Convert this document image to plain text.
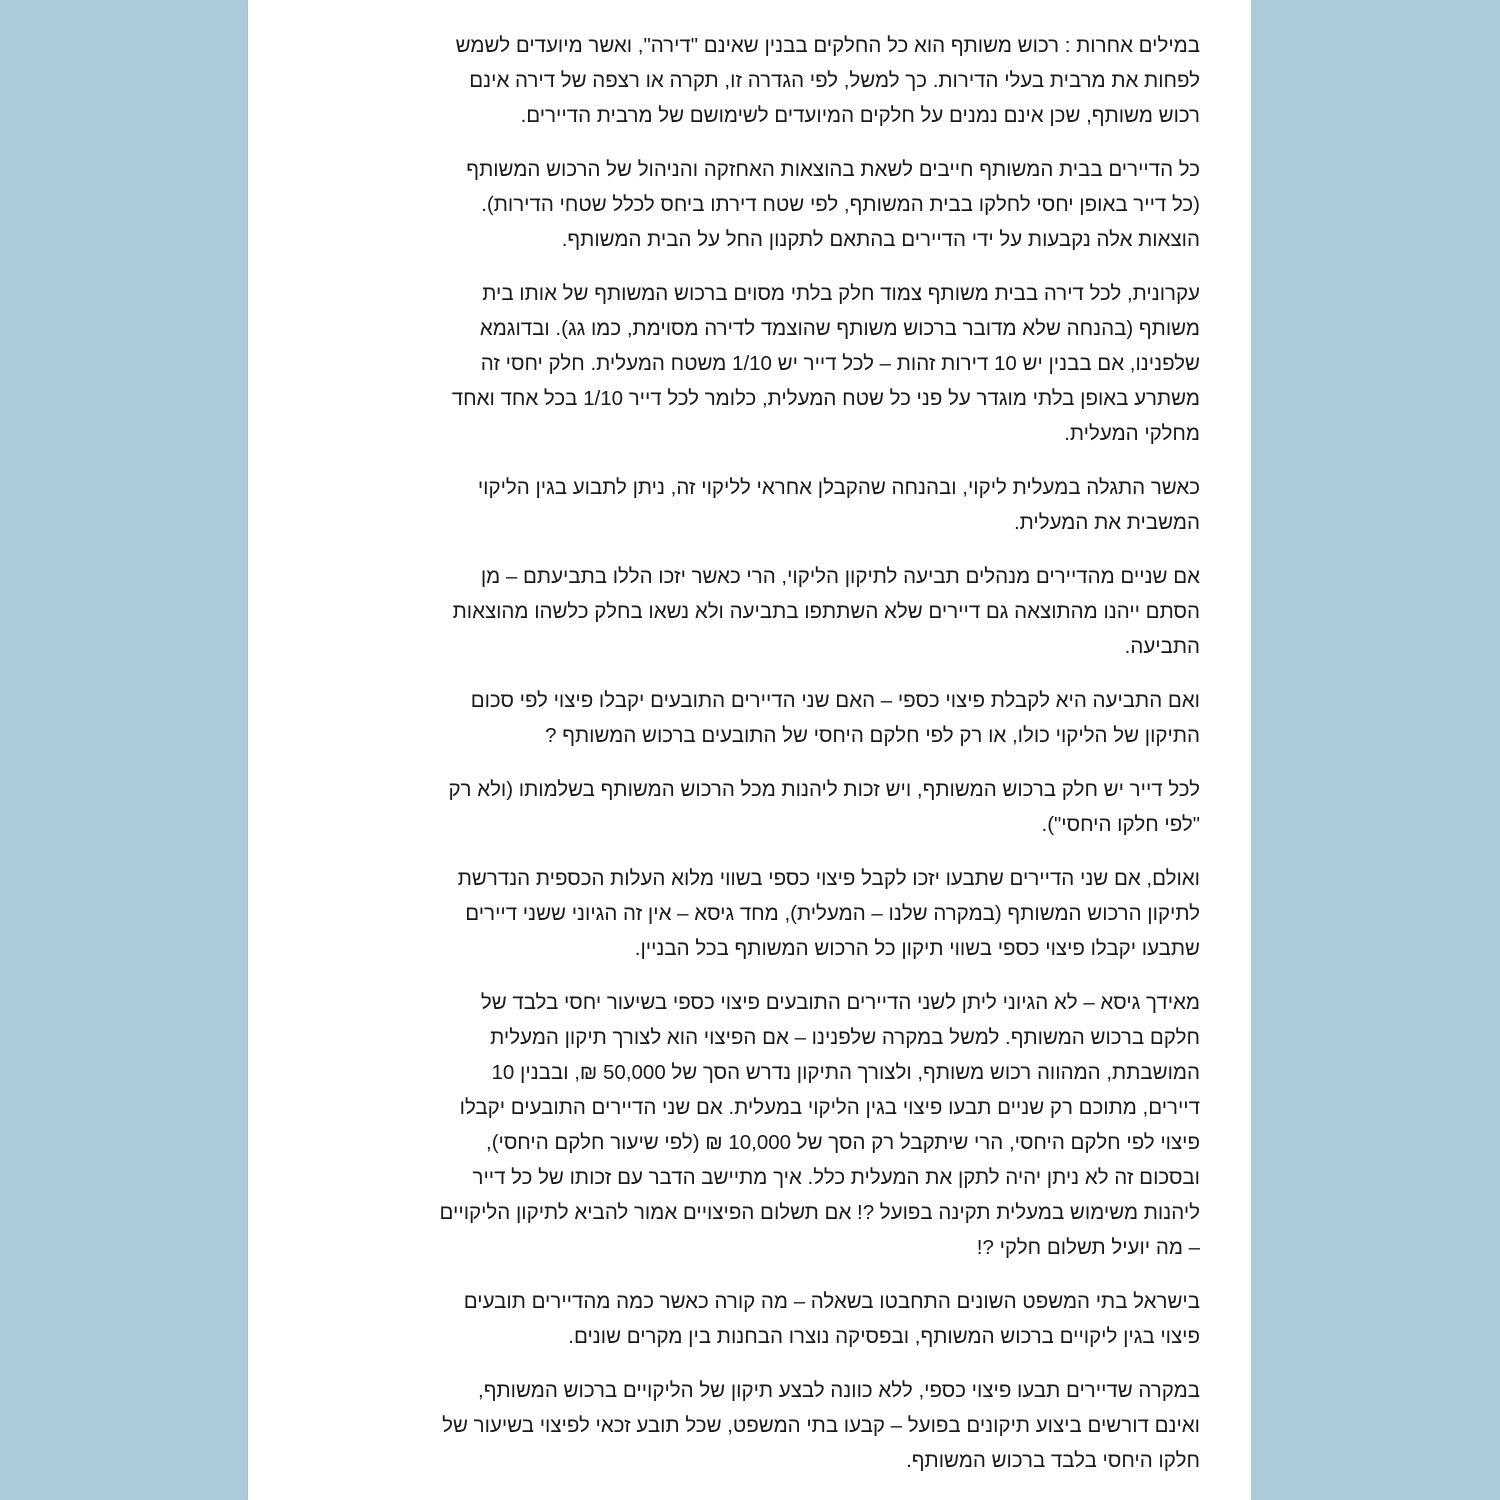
במילים אחרות : רכוש משותף הוא כל החלקים בבנין שאינם "דירה", ואשר מיועדים לשמש
לפחות את מרבית בעלי הדירות. כך למשל, לפי הגדרה זו, תקרה או רצפה של דירה אינם
רכוש משותף, שכן אינם נמנים על חלקים המיועדים לשימושם של מרבית הדיירים.

כל הדיירים בבית המשותף חייבים לשאת בהוצאות האחזקה והניהול של הרכוש המשותף
(כל דייר באופן יחסי לחלקו בבית המשותף, לפי שטח דירתו ביחס לכלל שטחי הדירות).
הוצאות אלה נקבעות על ידי הדיירים בהתאם לתקנון החל על הבית המשותף.

עקרונית, לכל דירה בבית משותף צמוד חלק בלתי מסוים ברכוש המשותף של אותו בית
משותף (בהנחה שלא מדובר ברכוש משותף שהוצמד לדירה מסוימת, כמו גג). ובדוגמא
שלפנינו, אם בבנין יש 10 דירות זהות – לכל דייר יש 1/10 משטח המעלית. חלק יחסי זה
משתרע באופן בלתי מוגדר על פני כל שטח המעלית, כלומר לכל דייר 1/10 בכל אחד ואחד
מחלקי המעלית.

כאשר התגלה במעלית ליקוי, ובהנחה שהקבלן אחראי לליקוי זה, ניתן לתבוע בגין הליקוי
המשבית את המעלית.

אם שניים מהדיירים מנהלים תביעה לתיקון הליקוי, הרי כאשר יזכו הללו בתביעתם – מן
הסתם ייהנו מהתוצאה גם דיירים שלא השתתפו בתביעה ולא נשאו בחלק כלשהו מהוצאות
התביעה.

ואם התביעה היא לקבלת פיצוי כספי – האם שני הדיירים התובעים יקבלו פיצוי לפי סכום
התיקון של הליקוי כולו, או רק לפי חלקם היחסי של התובעים ברכוש המשותף ?

לכל דייר יש חלק ברכוש המשותף, ויש זכות ליהנות מכל הרכוש המשותף בשלמותו (ולא רק
"לפי חלקו היחסי").

ואולם, אם שני הדיירים שתבעו יזכו לקבל פיצוי כספי בשווי מלוא העלות הכספית הנדרשת
לתיקון הרכוש המשותף (במקרה שלנו – המעלית), מחד גיסא – אין זה הגיוני ששני דיירים
שתבעו יקבלו פיצוי כספי בשווי תיקון כל הרכוש המשותף בכל הבניין.

מאידך גיסא – לא הגיוני ליתן לשני הדיירים התובעים פיצוי כספי בשיעור יחסי בלבד של
חלקם ברכוש המשותף. למשל במקרה שלפנינו – אם הפיצוי הוא לצורך תיקון המעלית
המושבתת, המהווה רכוש משותף, ולצורך התיקון נדרש הסך של 50,000 ₪, ובבנין 10
דיירים, מתוכם רק שניים תבעו פיצוי בגין הליקוי במעלית. אם שני הדיירים התובעים יקבלו
פיצוי לפי חלקם היחסי, הרי שיתקבל רק הסך של 10,000 ₪ (לפי שיעור חלקם היחסי),
ובסכום זה לא ניתן יהיה לתקן את המעלית כלל. איך מתיישב הדבר עם זכותו של כל דייר
ליהנות משימוש במעלית תקינה בפועל ?! אם תשלום הפיצויים אמור להביא לתיקון הליקויים
– מה יועיל תשלום חלקי ?!

בישראל בתי המשפט השונים התחבטו בשאלה – מה קורה כאשר כמה מהדיירים תובעים
פיצוי בגין ליקויים ברכוש המשותף, ובפסיקה נוצרו הבחנות בין מקרים שונים.

במקרה שדיירים תבעו פיצוי כספי, ללא כוונה לבצע תיקון של הליקויים ברכוש המשותף,
ואינם דורשים ביצוע תיקונים בפועל – קבעו בתי המשפט, שכל תובע זכאי לפיצוי בשיעור של
חלקו היחסי בלבד ברכוש המשותף.
